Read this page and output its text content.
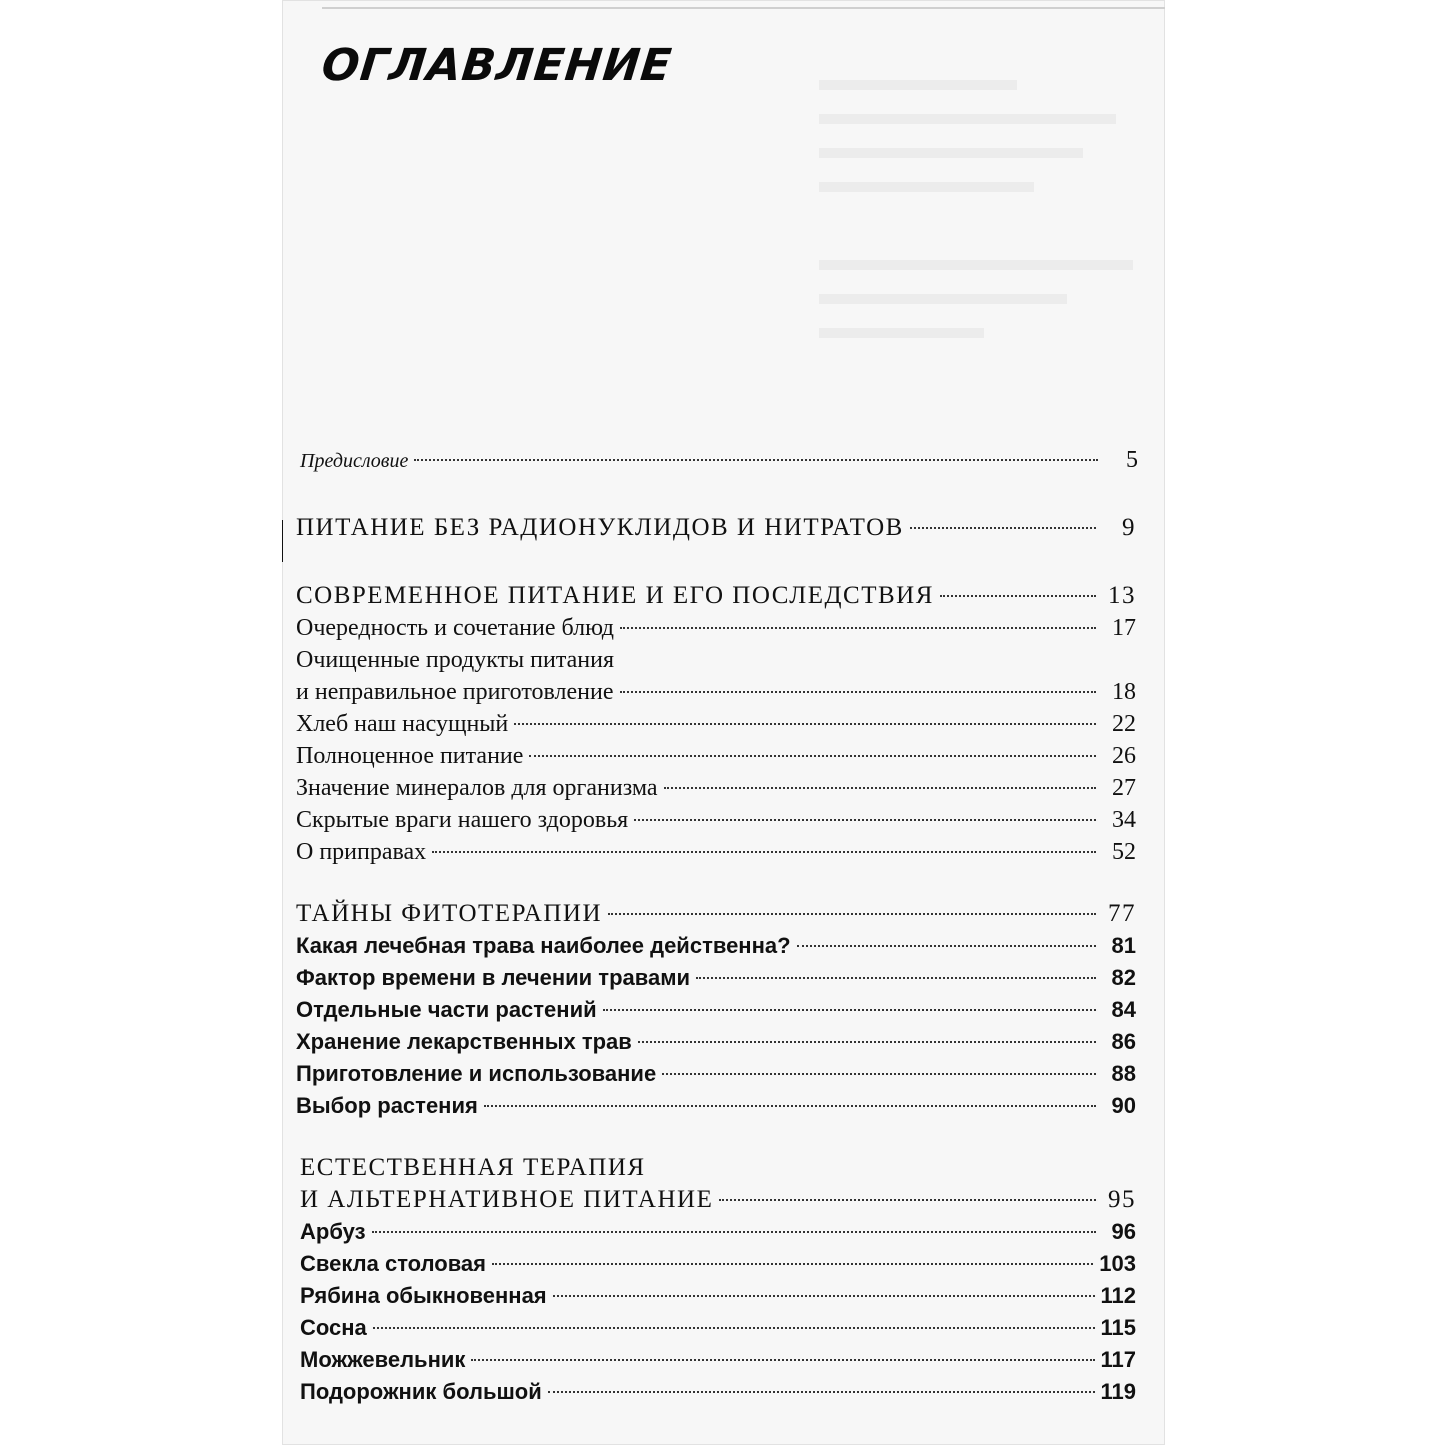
ОГЛАВЛЕНИЕ
Предисловие	5
ПИТАНИЕ БЕЗ РАДИОНУКЛИДОВ И НИТРАТОВ	9
СОВРЕМЕННОЕ ПИТАНИЕ И ЕГО ПОСЛЕДСТВИЯ	13
Очередность и сочетание блюд	17
Очищенные продукты питания
и неправильное приготовление	18
Хлеб наш насущный	22
Полноценное питание	26
Значение минералов для организма	27
Скрытые враги нашего здоровья	34
О приправах	52
ТАЙНЫ ФИТОТЕРАПИИ	77
Какая лечебная трава наиболее действенна?	81
Фактор времени в лечении травами	82
Отдельные части растений	84
Хранение лекарственных трав	86
Приготовление и использование	88
Выбор растения	90
ЕСТЕСТВЕННАЯ ТЕРАПИЯ
И АЛЬТЕРНАТИВНОЕ ПИТАНИЕ	95
Арбуз	96
Свекла столовая	103
Рябина обыкновенная	112
Сосна	115
Можжевельник	117
Подорожник большой	119
